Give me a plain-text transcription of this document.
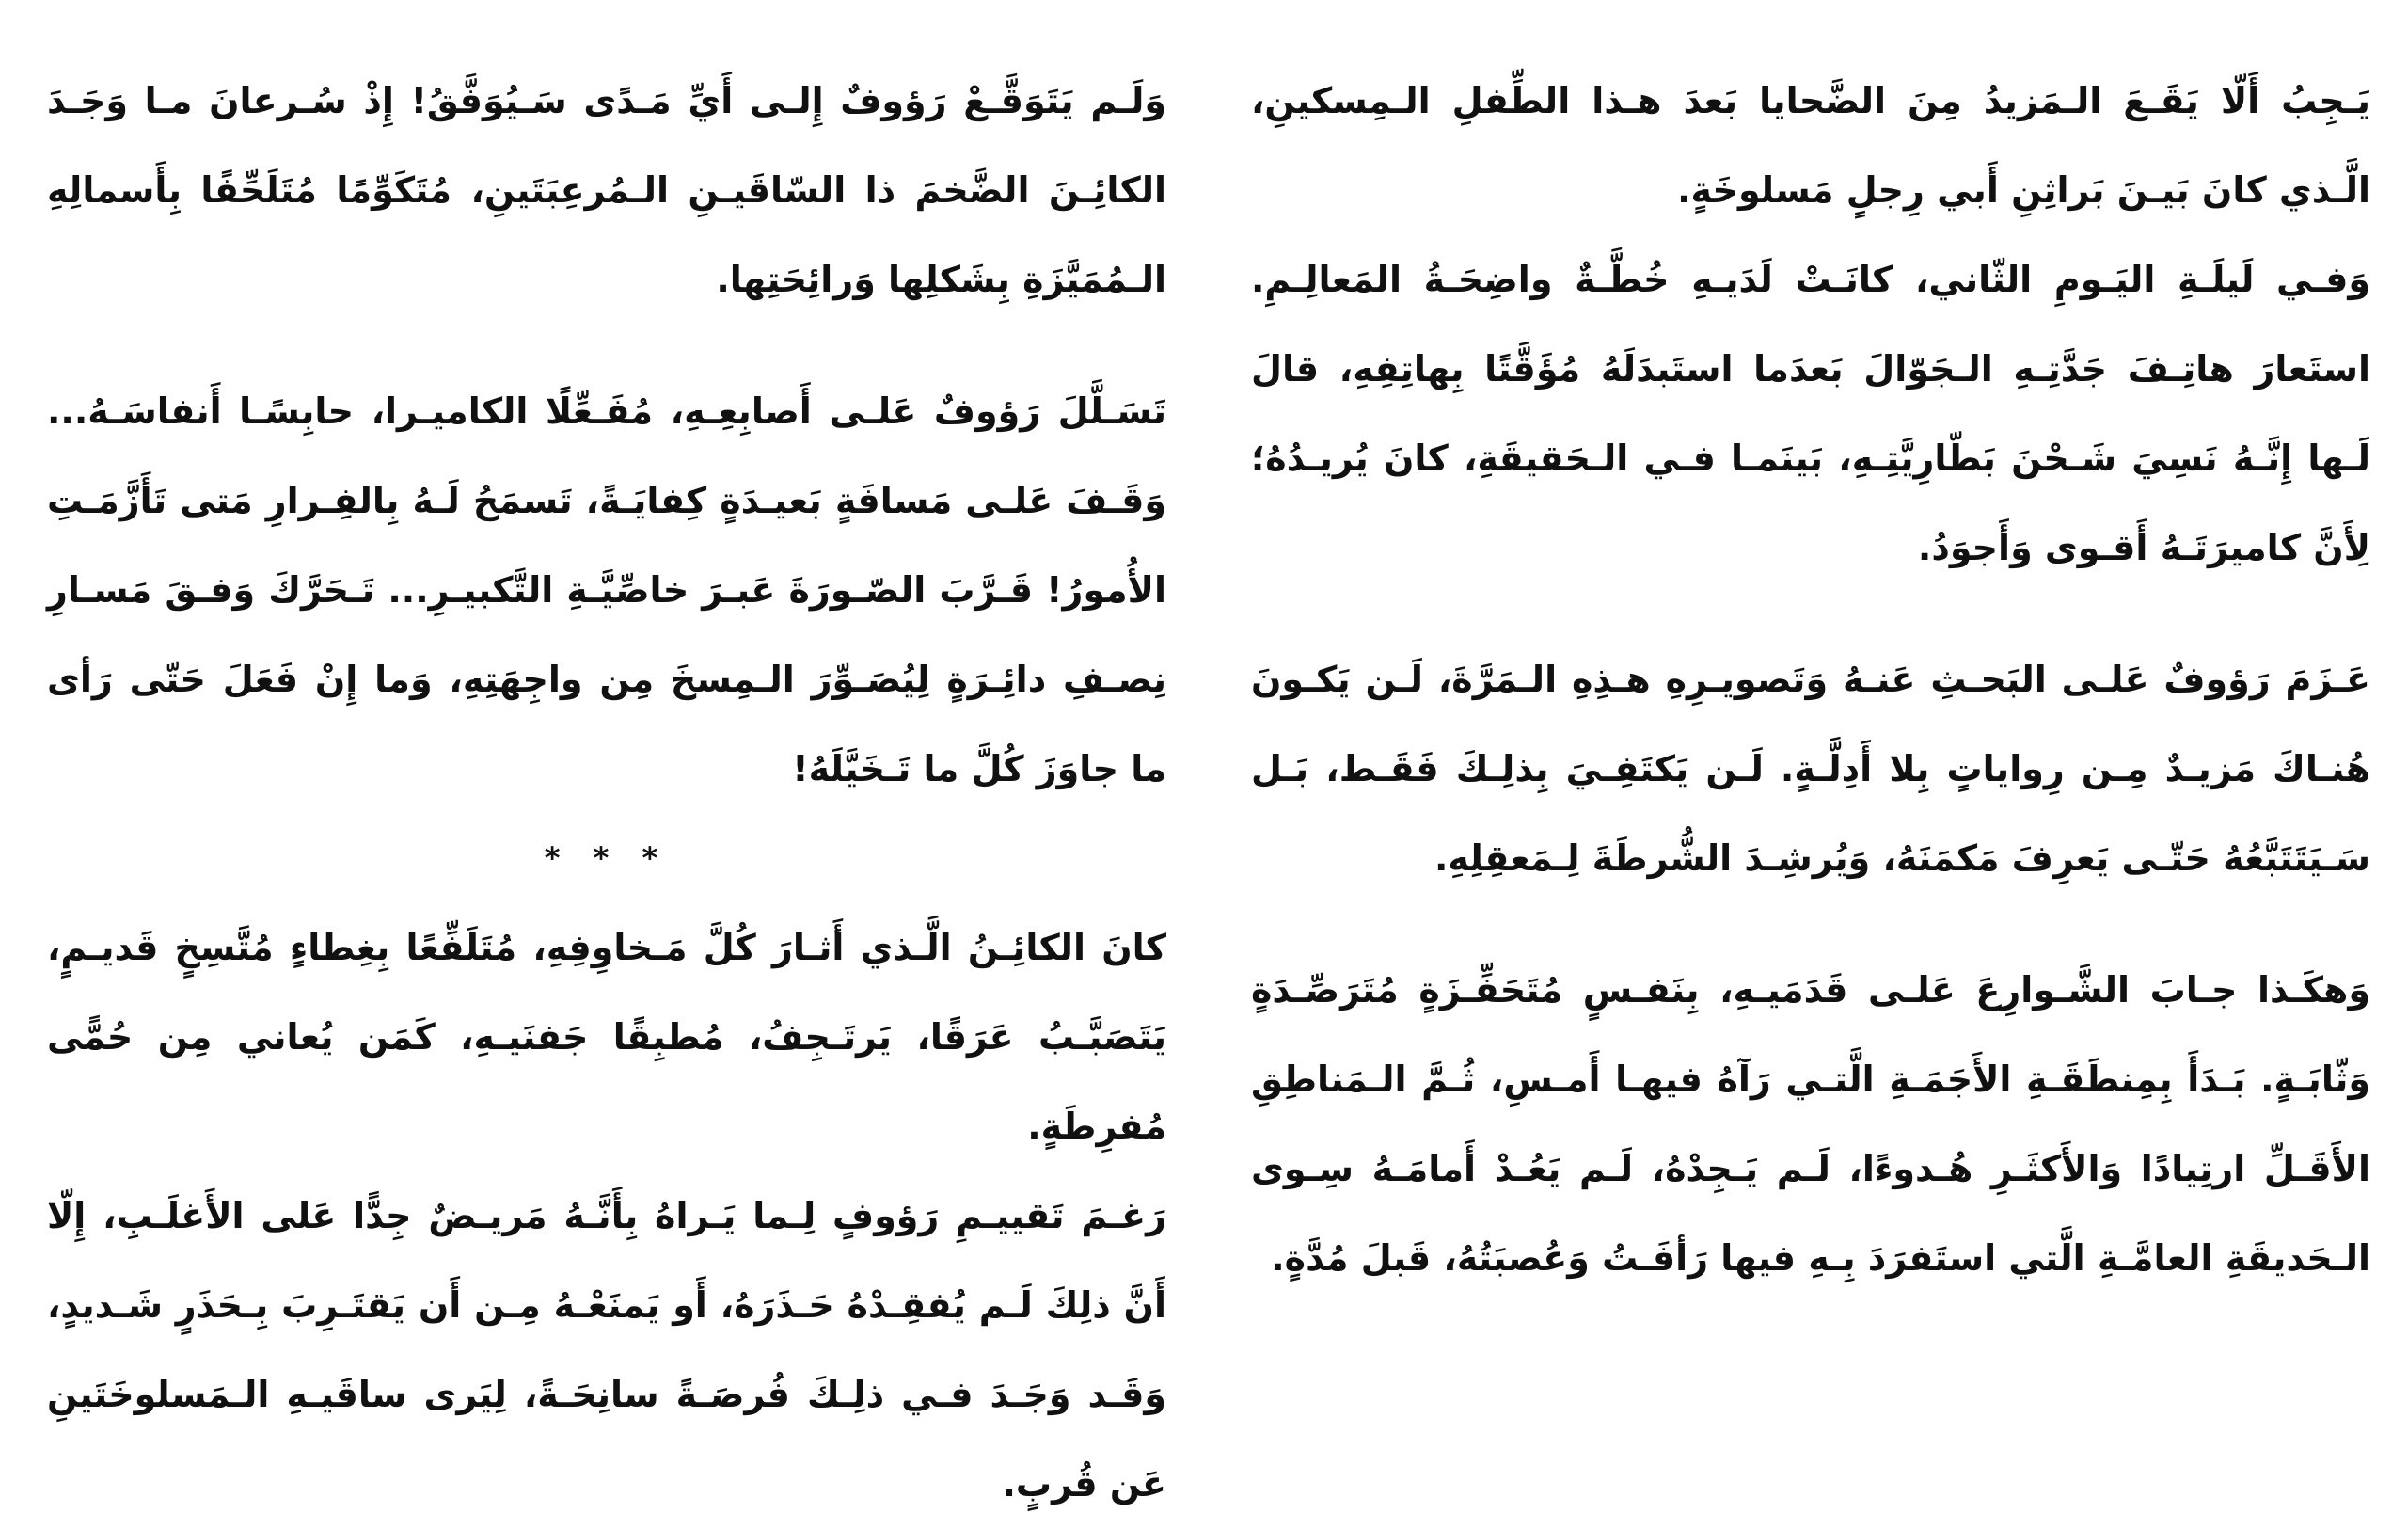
يَـجِبُ أَلّا يَقَـعَ الـمَزيدُ مِنَ الضَّحايا بَعدَ هـذا الطِّفلِ الـمِسكينِ، الَّـذي كانَ بَيـنَ بَراثِنِ أَبي رِجلٍ مَسلوخَةٍ.

وَفـي لَيلَـةِ اليَـومِ الثّاني، كانَـتْ لَدَيـهِ خُطَّـةٌ واضِحَـةُ المَعالِـمِ. استَعارَ هاتِـفَ جَدَّتِـهِ الـجَوّالَ بَعدَما استَبدَلَهُ مُؤَقَّتًا بِهاتِفِهِ، قالَ لَـها إِنَّـهُ نَسِيَ شَـحْنَ بَطّارِيَّتِـهِ، بَينَمـا فـي الـحَقيقَةِ، كانَ يُريـدُهُ؛ لِأَنَّ كاميرَتَـهُ أَقـوى وَأَجوَدُ.

عَـزَمَ رَؤوفٌ عَلـى البَحـثِ عَنـهُ وَتَصويـرِهِ هـذِهِ الـمَرَّةَ، لَـن يَكـونَ هُنـاكَ مَزيـدٌ مِـن رِواياتٍ بِلا أَدِلَّـةٍ. لَـن يَكتَفِـيَ بِذلِـكَ فَقَـط، بَـل سَـيَتَتَبَّعُهُ حَتّـى يَعرِفَ مَكمَنَهُ، وَيُرشِـدَ الشُّرطَةَ لِـمَعقِلِهِ.

وَهكَـذا جـابَ الشَّـوارِعَ عَلـى قَدَمَيـهِ، بِنَفـسٍ مُتَحَفِّـزَةٍ مُتَرَصِّـدَةٍ وَثّابَـةٍ. بَـدَأَ بِمِنطَقَـةِ الأَجَمَـةِ الَّتـي رَآهُ فيهـا أَمـسِ، ثُـمَّ الـمَناطِقِ الأَقَـلِّ ارتِيادًا وَالأَكثَـرِ هُـدوءًا، لَـم يَـجِدْهُ، لَـم يَعُـدْ أَمامَـهُ سِـوى الـحَديقَةِ العامَّـةِ الَّتي استَفرَدَ بِـهِ فيها رَأفَـتُ وَعُصبَتُهُ، قَبلَ مُدَّةٍ.

وَلَـم يَتَوَقَّـعْ رَؤوفٌ إِلـى أَيِّ مَـدًى سَـيُوَفَّقُ! إِذْ سُـرعانَ مـا وَجَـدَ الكائِـنَ الضَّخمَ ذا السّاقَيـنِ الـمُرعِبَتَينِ، مُتَكَوِّمًا مُتَلَحِّفًا بِأَسمالِهِ الـمُمَيَّزَةِ بِشَكلِها وَرائِحَتِها.

تَسَـلَّلَ رَؤوفٌ عَلـى أَصابِعِـهِ، مُفَـعِّلًا الكاميـرا، حابِسًـا أَنفاسَـهُ... وَقَـفَ عَلـى مَسافَةٍ بَعيـدَةٍ كِفايَـةً، تَسمَحُ لَـهُ بِالفِـرارِ مَتى تَأَزَّمَـتِ الأُمورُ! قَـرَّبَ الصّـورَةَ عَبـرَ خاصِّيَّـةِ التَّكبيـرِ... تَـحَرَّكَ وَفـقَ مَسـارِ نِصـفِ دائِـرَةٍ لِيُصَـوِّرَ الـمِسخَ مِن واجِهَتِهِ، وَما إِنْ فَعَلَ حَتّى رَأى ما جاوَزَ كُلَّ ما تَـخَيَّلَهُ!

* * *

كانَ الكائِـنُ الَّـذي أَثـارَ كُلَّ مَـخاوِفِهِ، مُتَلَفِّعًا بِغِطاءٍ مُتَّسِخٍ قَديـمٍ، يَتَصَبَّـبُ عَرَقًا، يَرتَـجِفُ، مُطبِقًا جَفنَيـهِ، كَمَن يُعاني مِن حُمًّى مُفرِطَةٍ.

رَغـمَ تَقييـمِ رَؤوفٍ لِـما يَـراهُ بِأَنَّـهُ مَريـضٌ جِدًّا عَلى الأَغلَـبِ، إِلّا أَنَّ ذلِكَ لَـم يُفقِـدْهُ حَـذَرَهُ، أَو يَمنَعْـهُ مِـن أَن يَقتَـرِبَ بِـحَذَرٍ شَـديدٍ، وَقَـد وَجَـدَ فـي ذلِـكَ فُرصَـةً سانِحَـةً، لِيَرى ساقَيـهِ الـمَسلوخَتَينِ عَن قُربٍ.
